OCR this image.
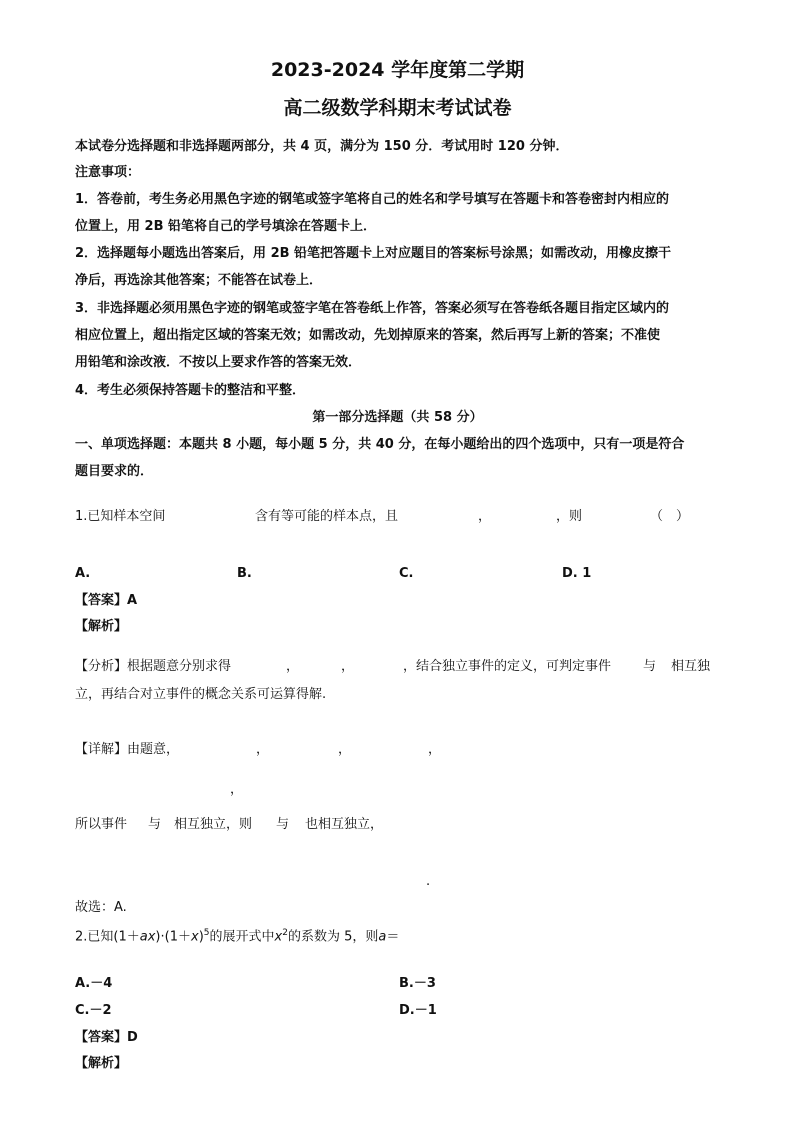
2023-2024 学年度第二学期
高二级数学科期末考试试卷
本试卷分选择题和非选择题两部分，共 4 页，满分为 150 分．考试用时 120 分钟．
注意事项：
1．答卷前，考生务必用黑色字迹的钢笔或签字笔将自己的姓名和学号填写在答题卡和答卷密封内相应的
位置上，用 2B 铅笔将自己的学号填涂在答题卡上．
2．选择题每小题选出答案后，用 2B 铅笔把答题卡上对应题目的答案标号涂黑；如需改动，用橡皮擦干
净后，再选涂其他答案；不能答在试卷上．
3．非选择题必须用黑色字迹的钢笔或签字笔在答卷纸上作答，答案必须写在答卷纸各题目指定区域内的
相应位置上，超出指定区域的答案无效；如需改动，先划掉原来的答案，然后再写上新的答案；不准使
用铅笔和涂改液．不按以上要求作答的答案无效．
4．考生必须保持答题卡的整洁和平整．
第一部分选择题（共 58 分）
一、单项选择题：本题共 8 小题，每小题 5 分，共 40 分，在每小题给出的四个选项中，只有一项是符合
题目要求的．
1.已知样本空间	含有等可能的样本点，且	，	，则	（　）
A.	B.	C.	D. 1
【答案】A
【解析】
【分析】根据题意分别求得	，	，	，结合独立事件的定义，可判定事件 与 相互独
立，再结合对立事件的概念关系可运算得解.
【详解】由题意，	，	，	，
，
所以事件 与 相互独立，则 与 也相互独立，
.
故选：A.
2.已知$(1+ax)\cdot(1+x)^5$的展开式中$x^2$的系数为 5，则a＝
A.－4	B.－3
C.－2	D.－1
【答案】D
【解析】
